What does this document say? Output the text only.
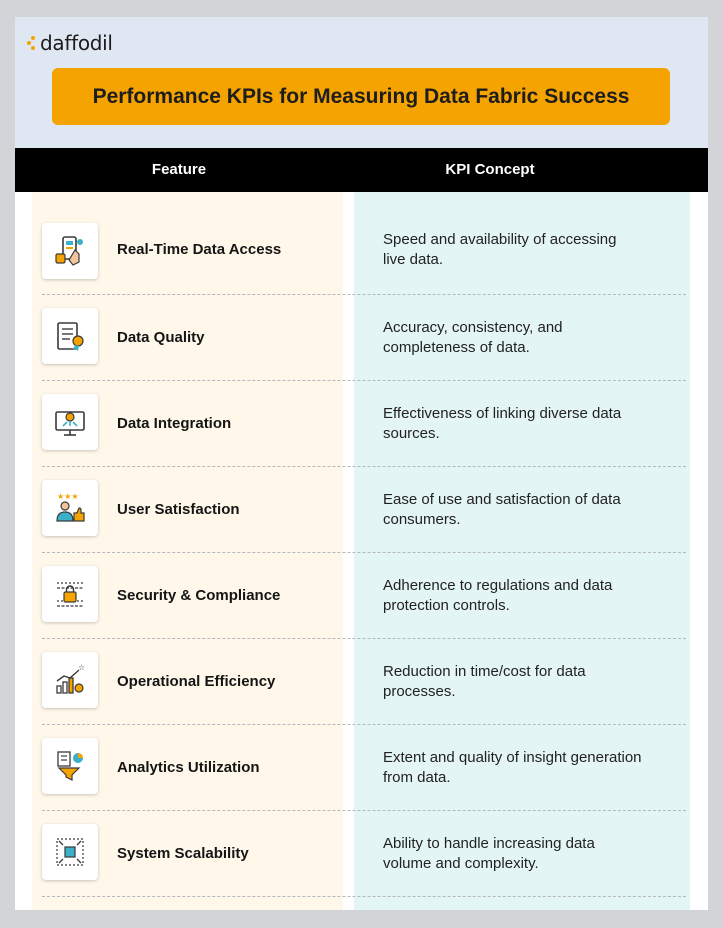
daffodil
Performance KPIs for Measuring Data Fabric Success
Feature	KPI Concept
Real-Time Data Access
Speed and availability of accessing live data.
Data Quality
Accuracy, consistency, and completeness of data.
Data Integration
Effectiveness of linking diverse data sources.
★★★
User Satisfaction
Ease of use and satisfaction of data consumers.
Security & Compliance
Adherence to regulations and data protection controls.
☆
Operational Efficiency
Reduction in time/cost for data processes.
Analytics Utilization
Extent and quality of insight generation from data.
System Scalability
Ability to handle increasing data volume and complexity.
